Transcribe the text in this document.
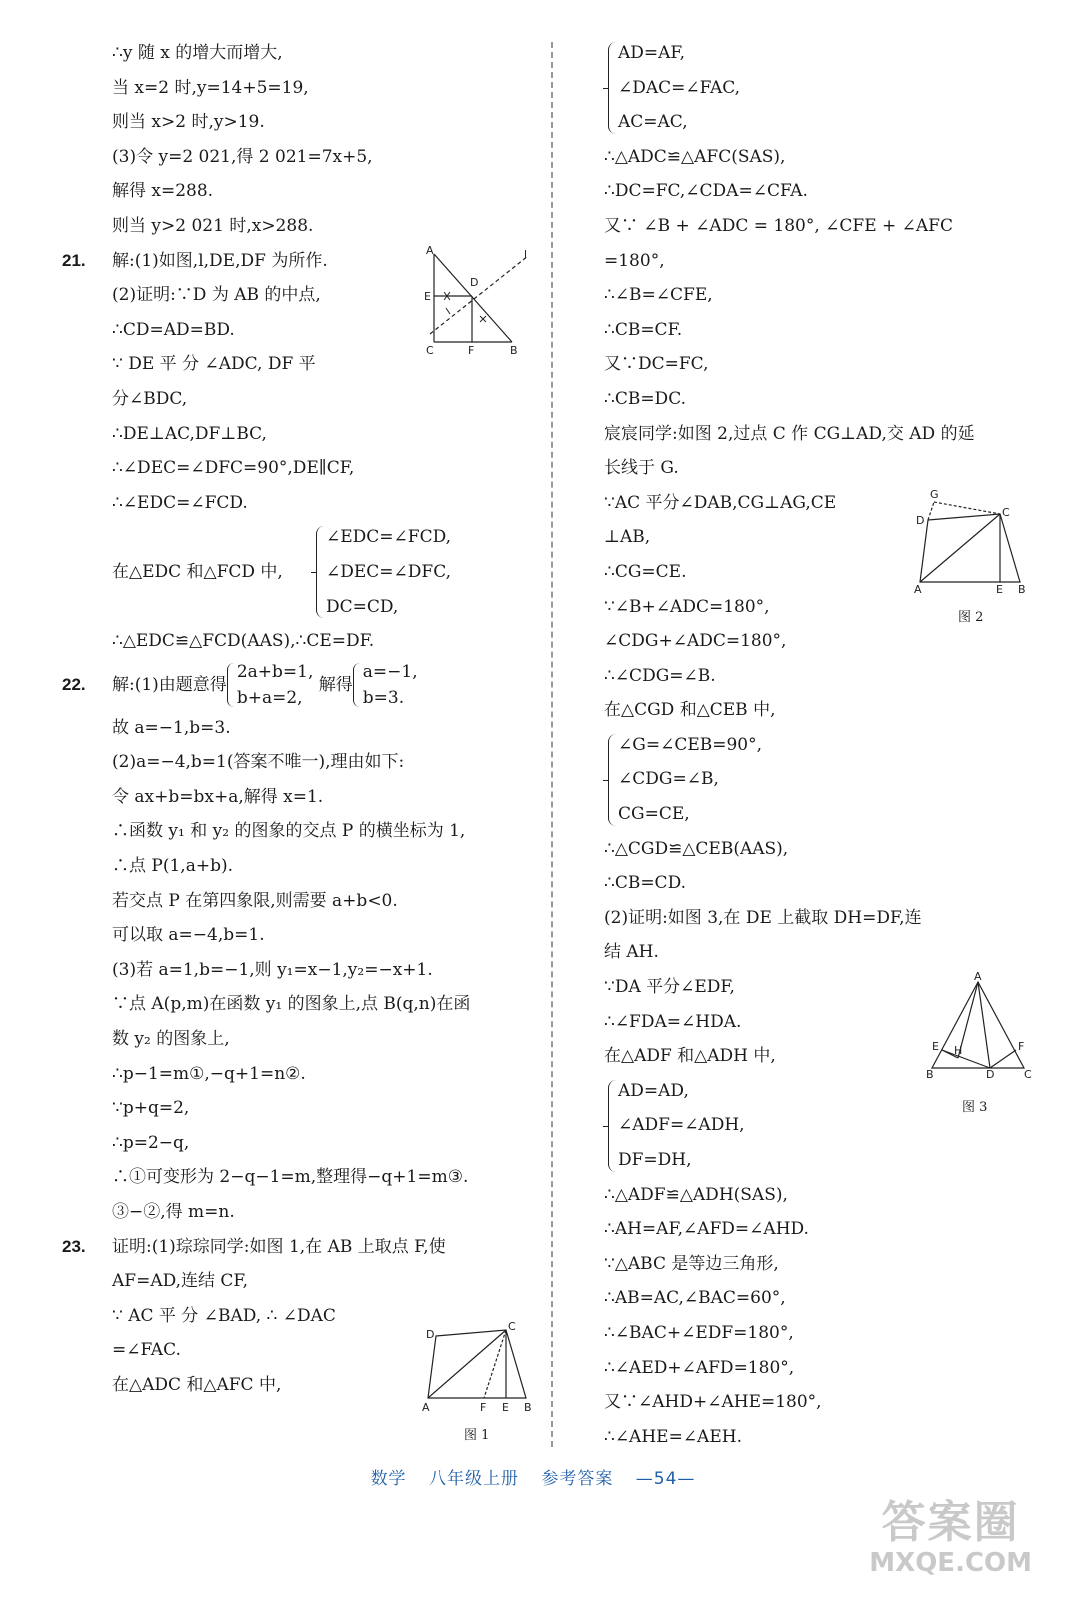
∴y 随 x 的增大而增大,
当 x=2 时,y=14+5=19,
则当 x>2 时,y>19.
(3)令 y=2 021,得 2 021=7x+5,
解得 x=288.
则当 y>2 021 时,x>288.
21. 解:(1)如图,l,DE,DF 为所作.
(2)证明:∵D 为 AB 的中点,
∴CD=AD=BD.
∵ DE 平 分 ∠ADC, DF 平
分∠BDC,
∴DE⊥AC,DF⊥BC,
∴∠DEC=∠DFC=90°,DE∥CF,
∴∠EDC=∠FCD.
在△EDC 和△FCD 中,
∠EDC=∠FCD,
∠DEC=∠DFC,
DC=CD,
∴△EDC≌△FCD(AAS),∴CE=DF.
22. 解:(1)由题意得
2a+b=1,
b+a=2,
解得
a=−1,
b=3.
故 a=−1,b=3.
(2)a=−4,b=1(答案不唯一),理由如下:
令 ax+b=bx+a,解得 x=1.
∴函数 y₁ 和 y₂ 的图象的交点 P 的横坐标为 1,
∴点 P(1,a+b).
若交点 P 在第四象限,则需要 a+b<0.
可以取 a=−4,b=1.
(3)若 a=1,b=−1,则 y₁=x−1,y₂=−x+1.
∵点 A(p,m)在函数 y₁ 的图象上,点 B(q,n)在函
数 y₂ 的图象上,
∴p−1=m①,−q+1=n②.
∵p+q=2,
∴p=2−q,
∴①可变形为 2−q−1=m,整理得−q+1=m③.
③−②,得 m=n.
23. 证明:(1)琮琮同学:如图 1,在 AB 上取点 F,使
AF=AD,连结 CF,
∵ AC 平 分 ∠BAD, ∴ ∠DAC
=∠FAC.
在△ADC 和△AFC 中,
A
D
E
l
C	F	B
D
C
A	F E B
图 1
AD=AF,
∠DAC=∠FAC,
AC=AC,
∴△ADC≌△AFC(SAS),
∴DC=FC,∠CDA=∠CFA.
又∵ ∠B + ∠ADC = 180°, ∠CFE + ∠AFC
=180°,
∴∠B=∠CFE,
∴CB=CF.
又∵DC=FC,
∴CB=DC.
宸宸同学:如图 2,过点 C 作 CG⊥AD,交 AD 的延
长线于 G.
∵AC 平分∠DAB,CG⊥AG,CE
⊥AB,
∴CG=CE.
∵∠B+∠ADC=180°,
∠CDG+∠ADC=180°,
∴∠CDG=∠B.
在△CGD 和△CEB 中,
∠G=∠CEB=90°,
∠CDG=∠B,
CG=CE,
∴△CGD≌△CEB(AAS),
∴CB=CD.
(2)证明:如图 3,在 DE 上截取 DH=DF,连
结 AH.
∵DA 平分∠EDF,
∴∠FDA=∠HDA.
在△ADF 和△ADH 中,
AD=AD,
∠ADF=∠ADH,
DF=DH,
∴△ADF≌△ADH(SAS),
∴AH=AF,∠AFD=∠AHD.
∵△ABC 是等边三角形,
∴AB=AC,∠BAC=60°,
∴∠BAC+∠EDF=180°,
∴∠AED+∠AFD=180°,
又∵∠AHD+∠AHE=180°,
∴∠AHE=∠AEH.
G
D
C
A	E B
图 2
A
E H	F
B	D	C
图 3
数学 八年级上册 参考答案 —54—
答案圈
MXQE.COM
